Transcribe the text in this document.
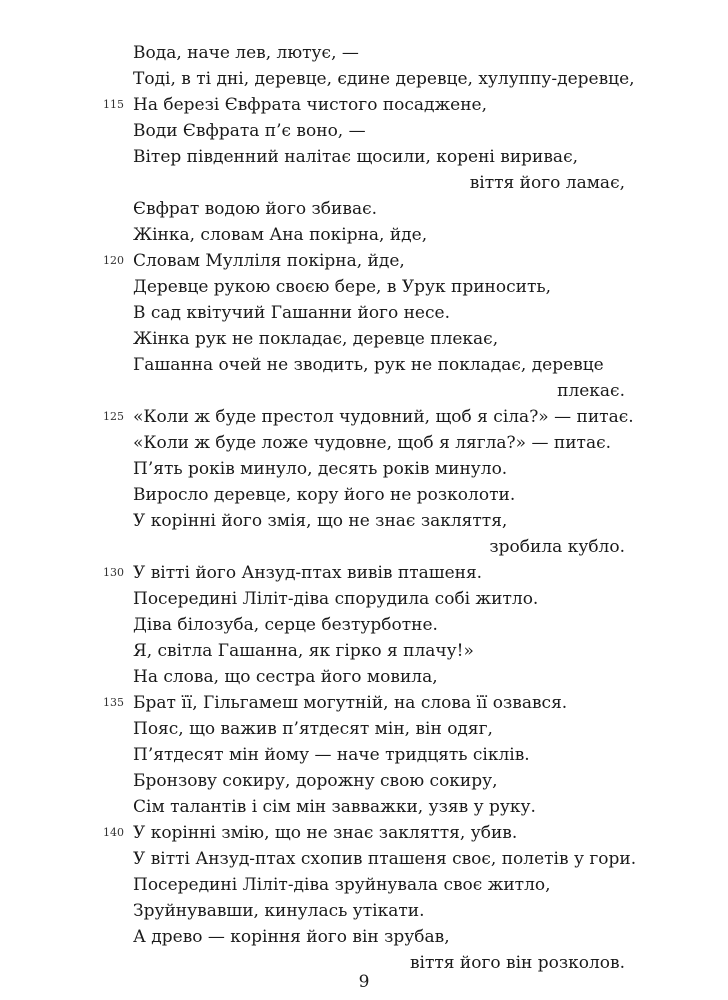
Вода, наче лев, лютує, —
Тоді, в ті дні, деревце, єдине деревце, хулуппу-деревце,
На березі Євфрата чистого посаджене,
Води Євфрата п’є воно, —
Вітер південний налітає щосили, корені вириває,
віття його ламає,
Євфрат водою його збиває.
Жінка, словам Ана покірна, йде,
Словам Мулліля покірна, йде,
Деревце рукою своєю бере, в Урук приносить,
В сад квітучий Гашанни його несе.
Жінка рук не покладає, деревце плекає,
Гашанна очей не зводить, рук не покладає, деревце
плекає.
«Коли ж буде престол чудовний, щоб я сіла?» — питає.
«Коли ж буде ложе чудовне, щоб я лягла?» — питає.
П’ять років минуло, десять років минуло.
Виросло деревце, кору його не розколоти.
У корінні його змія, що не знає закляття,
зробила кубло.
У вітті його Анзуд-птах вивів пташеня.
Посередині Ліліт-діва спорудила собі житло.
Діва білозуба, серце безтурботне.
Я, світла Гашанна, як гірко я плачу!»
На слова, що сестра його мовила,
Брат її, Гільгамеш могутній, на слова її озвався.
Пояс, що важив п’ятдесят мін, він одяг,
П’ятдесят мін йому — наче тридцять сіклів.
Бронзову сокиру, дорожну свою сокиру,
Сім талантів і сім мін завважки, узяв у руку.
У корінні змію, що не знає закляття, убив.
У вітті Анзуд-птах схопив пташеня своє, полетів у гори.
Посередині Ліліт-діва зруйнувала своє житло,
Зруйнувавши, кинулась утікати.
А древо — коріння його він зрубав,
віття його він розколов.
115
120
125
130
135
140
9
